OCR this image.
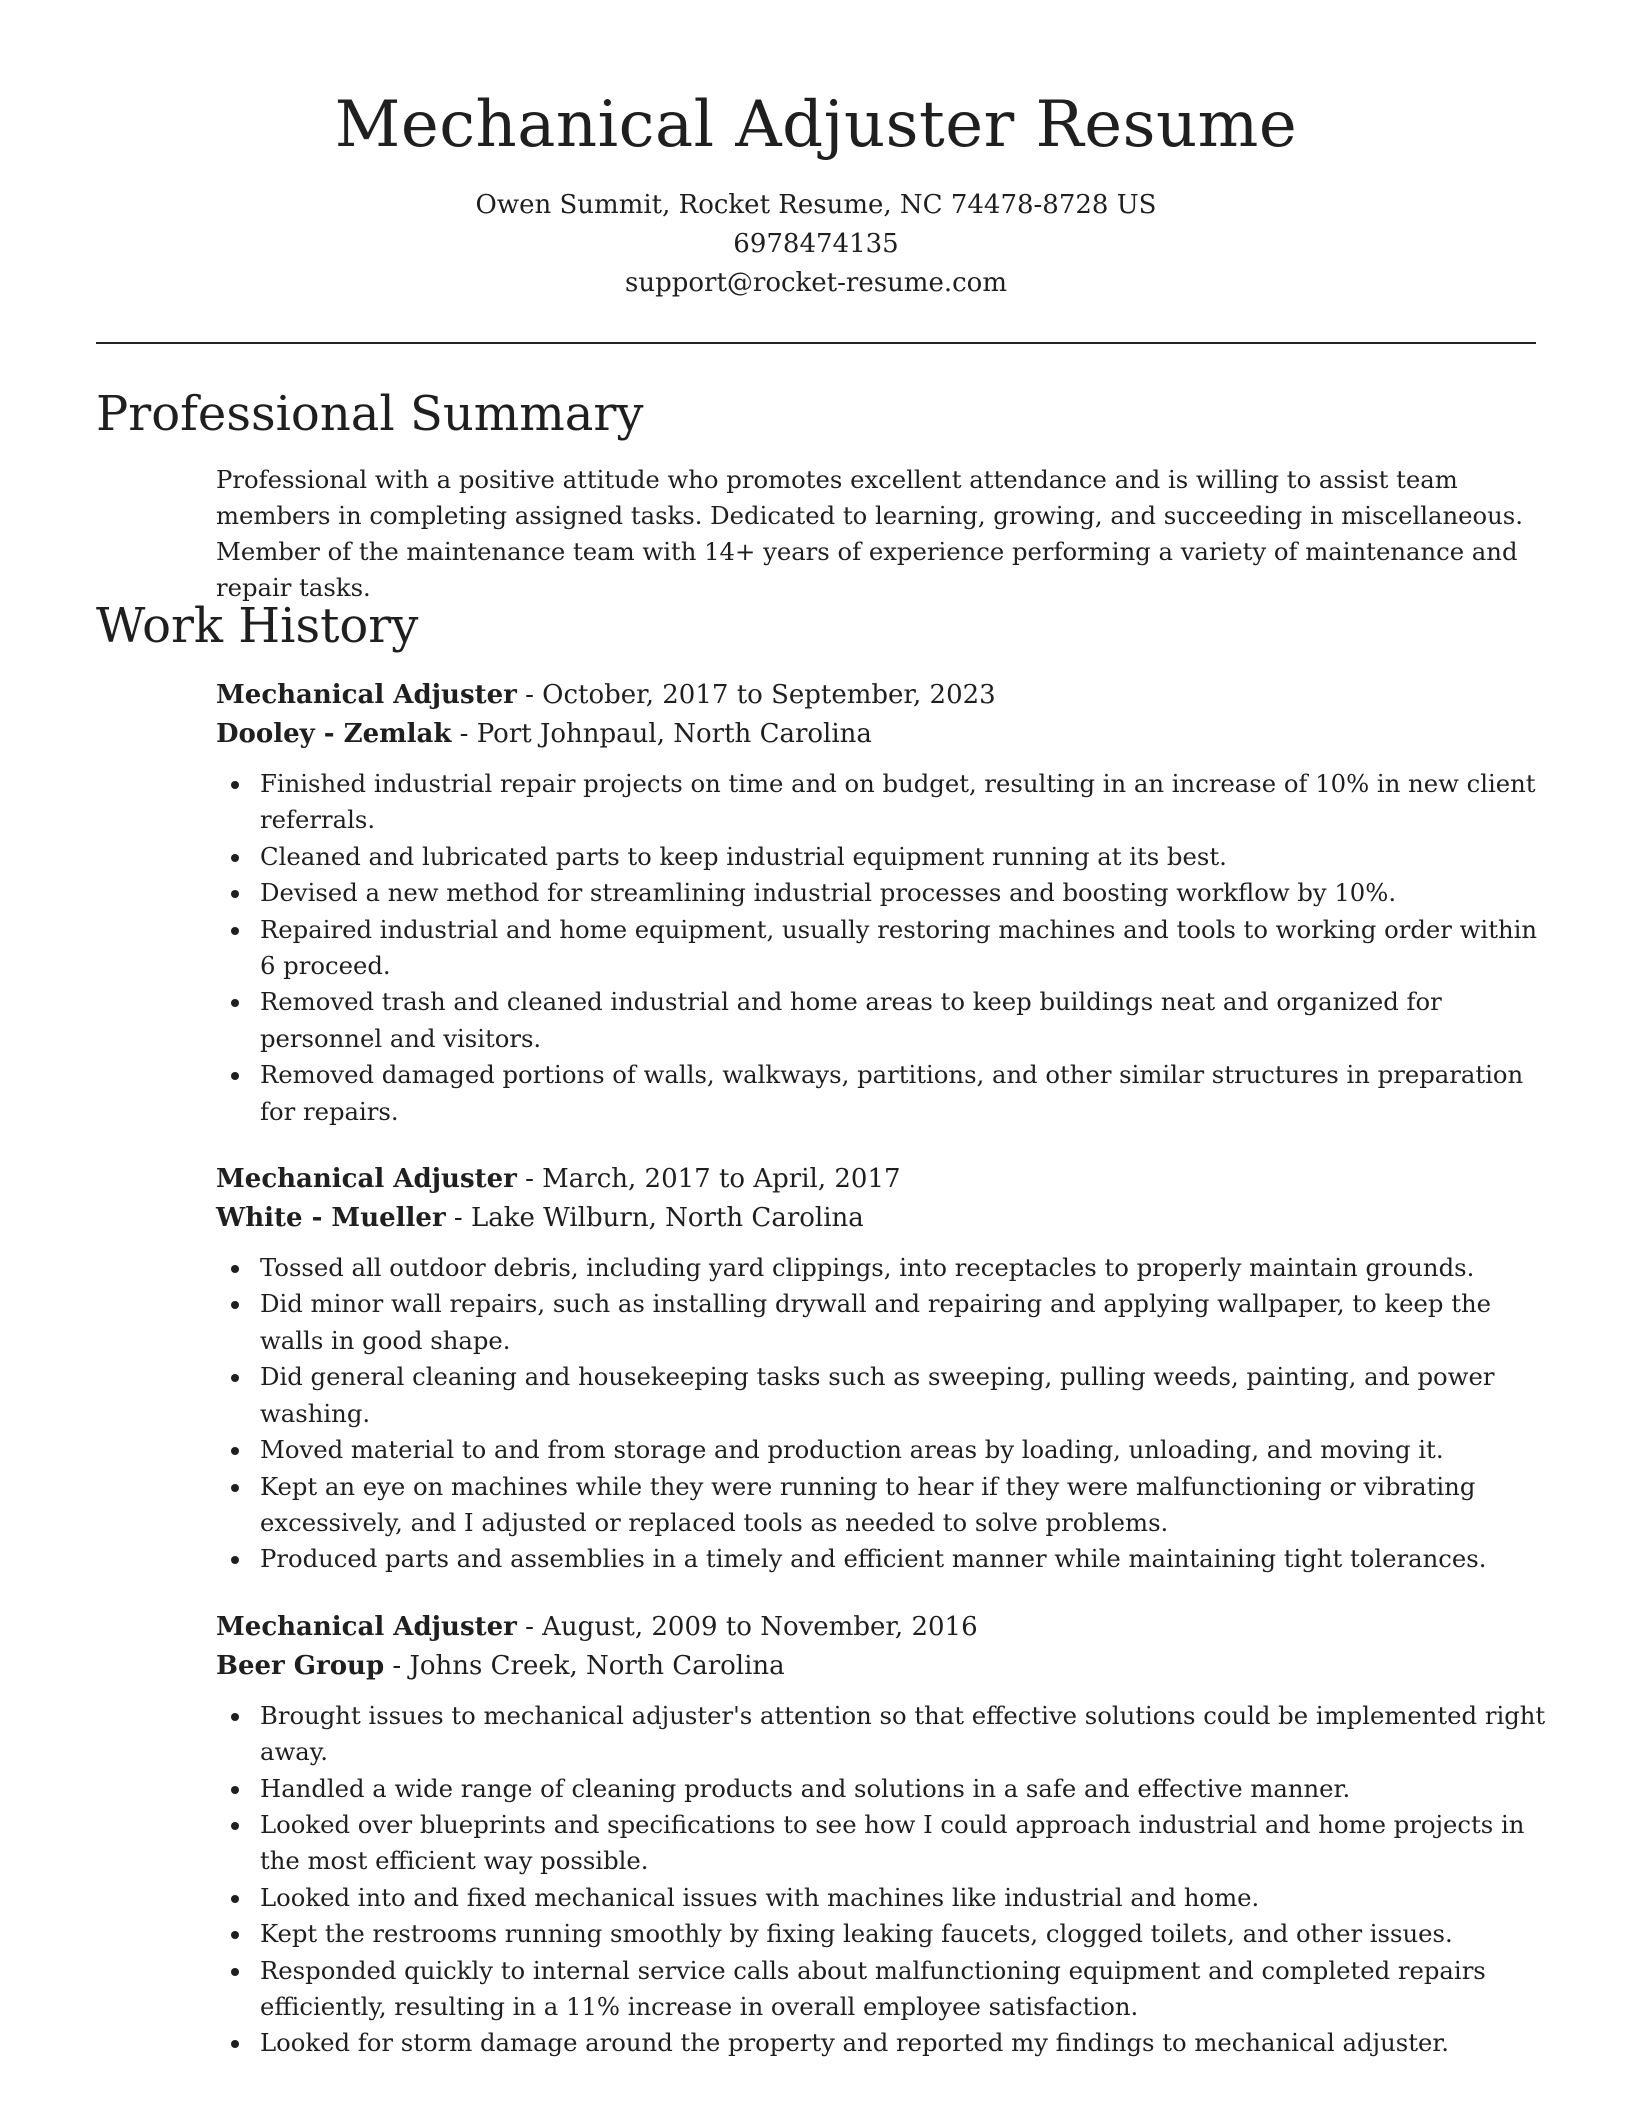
Mechanical Adjuster Resume
Owen Summit, Rocket Resume, NC 74478-8728 US
6978474135
support@rocket-resume.com
Professional Summary

Professional with a positive attitude who promotes excellent attendance and is willing to assist team members in completing assigned tasks. Dedicated to learning, growing, and succeeding in miscellaneous. Member of the maintenance team with 14+ years of experience performing a variety of maintenance and repair tasks.

Work History
Mechanical Adjuster - October, 2017 to September, 2023
Dooley - Zemlak - Port Johnpaul, North Carolina
Finished industrial repair projects on time and on budget, resulting in an increase of 10% in new client referrals.
Cleaned and lubricated parts to keep industrial equipment running at its best.
Devised a new method for streamlining industrial processes and boosting workflow by 10%.
Repaired industrial and home equipment, usually restoring machines and tools to working order within 6 proceed.
Removed trash and cleaned industrial and home areas to keep buildings neat and organized for personnel and visitors.
Removed damaged portions of walls, walkways, partitions, and other similar structures in preparation for repairs.
Mechanical Adjuster - March, 2017 to April, 2017
White - Mueller - Lake Wilburn, North Carolina
Tossed all outdoor debris, including yard clippings, into receptacles to properly maintain grounds.
Did minor wall repairs, such as installing drywall and repairing and applying wallpaper, to keep the walls in good shape.
Did general cleaning and housekeeping tasks such as sweeping, pulling weeds, painting, and power washing.
Moved material to and from storage and production areas by loading, unloading, and moving it.
Kept an eye on machines while they were running to hear if they were malfunctioning or vibrating excessively, and I adjusted or replaced tools as needed to solve problems.
Produced parts and assemblies in a timely and efficient manner while maintaining tight tolerances.
Mechanical Adjuster - August, 2009 to November, 2016
Beer Group - Johns Creek, North Carolina
Brought issues to mechanical adjuster's attention so that effective solutions could be implemented right away.
Handled a wide range of cleaning products and solutions in a safe and effective manner.
Looked over blueprints and specifications to see how I could approach industrial and home projects in the most efficient way possible.
Looked into and fixed mechanical issues with machines like industrial and home.
Kept the restrooms running smoothly by fixing leaking faucets, clogged toilets, and other issues.
Responded quickly to internal service calls about malfunctioning equipment and completed repairs efficiently, resulting in a 11% increase in overall employee satisfaction.
Looked for storm damage around the property and reported my findings to mechanical adjuster.
